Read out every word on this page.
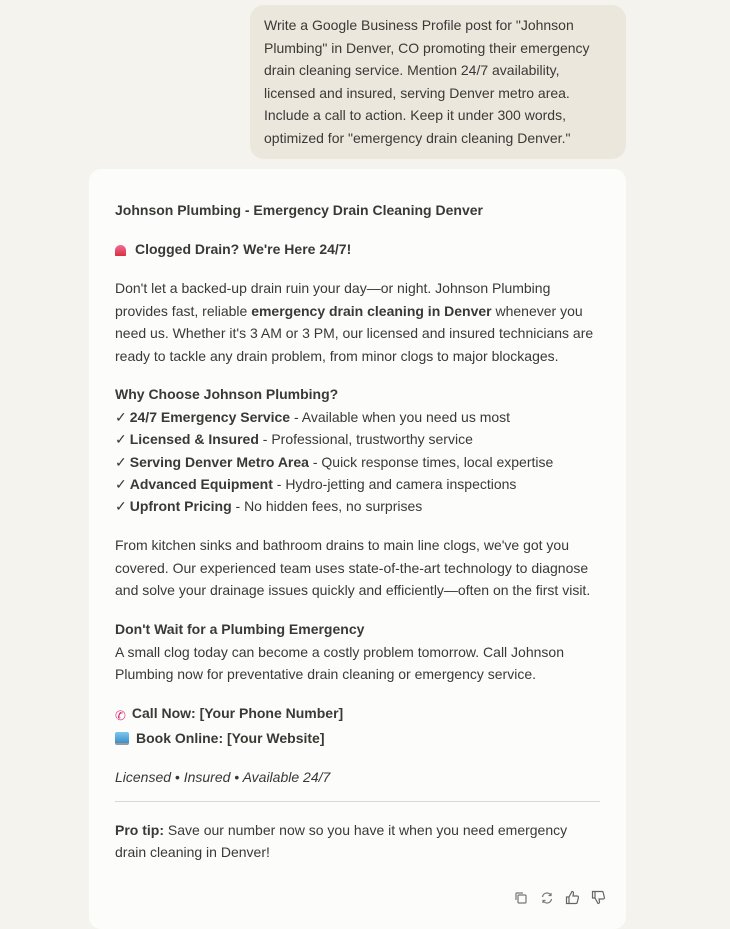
Write a Google Business Profile post for "Johnson Plumbing" in Denver, CO promoting their emergency drain cleaning service. Mention 24/7 availability, licensed and insured, serving Denver metro area. Include a call to action. Keep it under 300 words, optimized for "emergency drain cleaning Denver."

Johnson Plumbing - Emergency Drain Cleaning Denver

Clogged Drain? We're Here 24/7!

Don't let a backed-up drain ruin your day—or night. Johnson Plumbing provides fast, reliable emergency drain cleaning in Denver whenever you need us. Whether it's 3 AM or 3 PM, our licensed and insured technicians are ready to tackle any drain problem, from minor clogs to major blockages.

Why Choose Johnson Plumbing?
✓ 24/7 Emergency Service - Available when you need us most
✓ Licensed & Insured - Professional, trustworthy service
✓ Serving Denver Metro Area - Quick response times, local expertise
✓ Advanced Equipment - Hydro-jetting and camera inspections
✓ Upfront Pricing - No hidden fees, no surprises

From kitchen sinks and bathroom drains to main line clogs, we've got you covered. Our experienced team uses state-of-the-art technology to diagnose and solve your drainage issues quickly and efficiently—often on the first visit.

Don't Wait for a Plumbing Emergency
A small clog today can become a costly problem tomorrow. Call Johnson Plumbing now for preventative drain cleaning or emergency service.

✆ Call Now: [Your Phone Number]
Book Online: [Your Website]

Licensed • Insured • Available 24/7

Pro tip: Save our number now so you have it when you need emergency drain cleaning in Denver!
